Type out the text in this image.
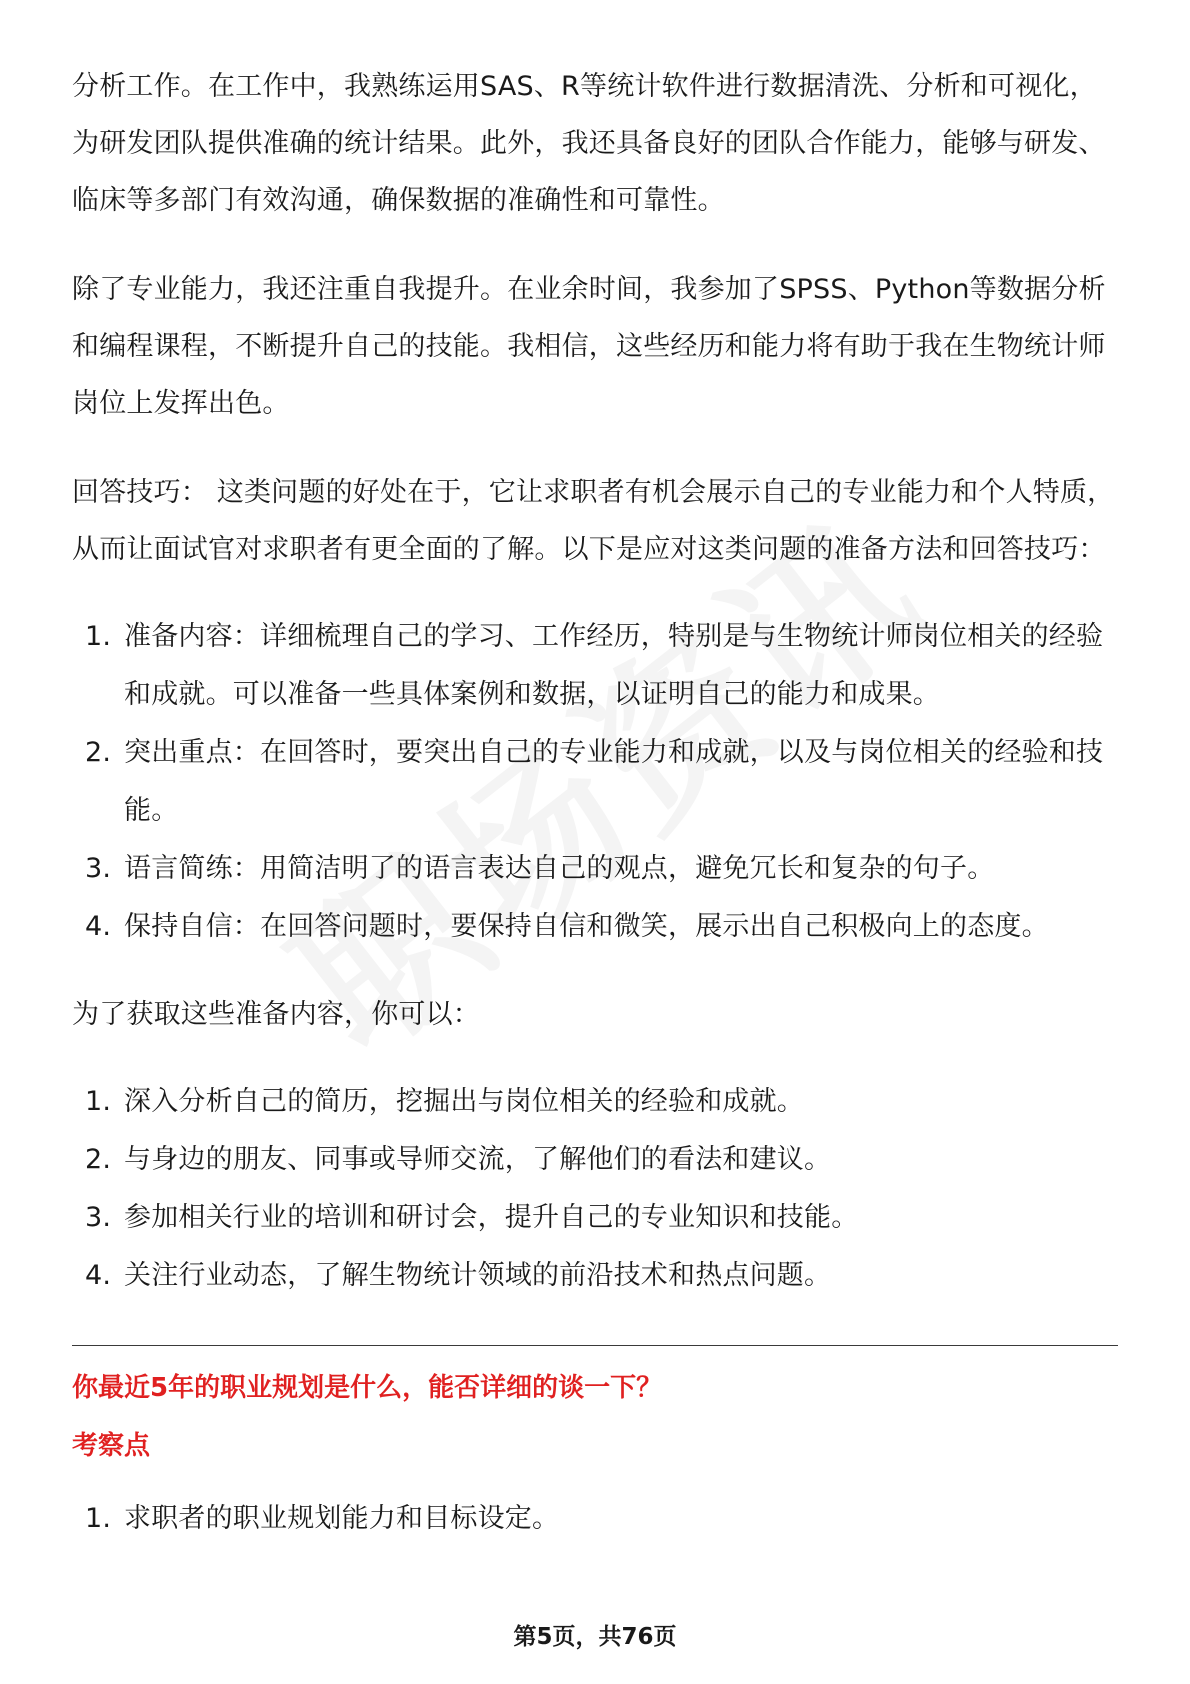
分析工作。在工作中，我熟练运用SAS、R等统计软件进行数据清洗、分析和可视化，为研发团队提供准确的统计结果。此外，我还具备良好的团队合作能力，能够与研发、临床等多部门有效沟通，确保数据的准确性和可靠性。

除了专业能力，我还注重自我提升。在业余时间，我参加了SPSS、Python等数据分析和编程课程，不断提升自己的技能。我相信，这些经历和能力将有助于我在生物统计师岗位上发挥出色。

回答技巧： 这类问题的好处在于，它让求职者有机会展示自己的专业能力和个人特质，从而让面试官对求职者有更全面的了解。以下是应对这类问题的准备方法和回答技巧：

1. 准备内容：详细梳理自己的学习、工作经历，特别是与生物统计师岗位相关的经验和成就。可以准备一些具体案例和数据，以证明自己的能力和成果。
2. 突出重点：在回答时，要突出自己的专业能力和成就，以及与岗位相关的经验和技能。
3. 语言简练：用简洁明了的语言表达自己的观点，避免冗长和复杂的句子。
4. 保持自信：在回答问题时，要保持自信和微笑，展示出自己积极向上的态度。

为了获取这些准备内容，你可以：

1. 深入分析自己的简历，挖掘出与岗位相关的经验和成就。
2. 与身边的朋友、同事或导师交流，了解他们的看法和建议。
3. 参加相关行业的培训和研讨会，提升自己的专业知识和技能。
4. 关注行业动态，了解生物统计领域的前沿技术和热点问题。
你最近5年的职业规划是什么，能否详细的谈一下？
考察点
1. 求职者的职业规划能力和目标设定。
第5页，共76页
